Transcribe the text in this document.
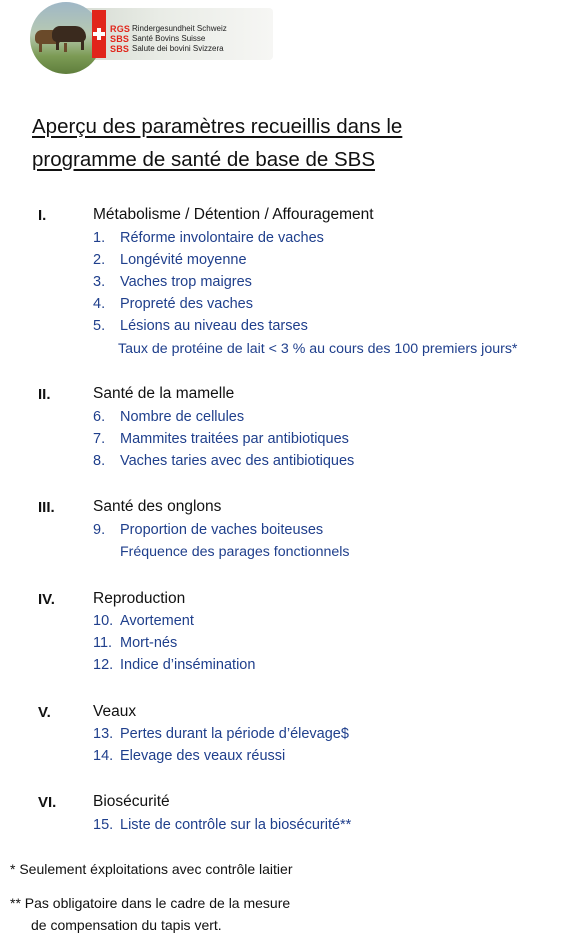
RGS
SBS
SBS
Rindergesundheit Schweiz
Santé Bovins Suisse
Salute dei bovini Svizzera
Aperçu des paramètres recueillis dans le programme de santé de base de SBS
I.	Métabolisme / Détention / Affouragement
1. Réforme involontaire de vaches
2. Longévité moyenne
3. Vaches trop maigres
4. Propreté des vaches
5. Lésions au niveau des tarses
Taux de protéine de lait < 3 % au cours des 100 premiers jours*
II.	Santé de la mamelle
6. Nombre de cellules
7. Mammites traitées par antibiotiques
8. Vaches taries avec des antibiotiques
III. Santé des onglons
9. Proportion de vaches boiteuses
Fréquence des parages fonctionnels
IV. Reproduction
10. Avortement
11. Mort-nés
12. Indice d’insémination
V.	Veaux
13. Pertes durant la période d’élevage$
14. Elevage des veaux réussi
VI. Biosécurité
15. Liste de contrôle sur la biosécurité**
* Seulement éxploitations avec contrôle laitier
** Pas obligatoire dans le cadre de la mesure
de compensation du tapis vert.
